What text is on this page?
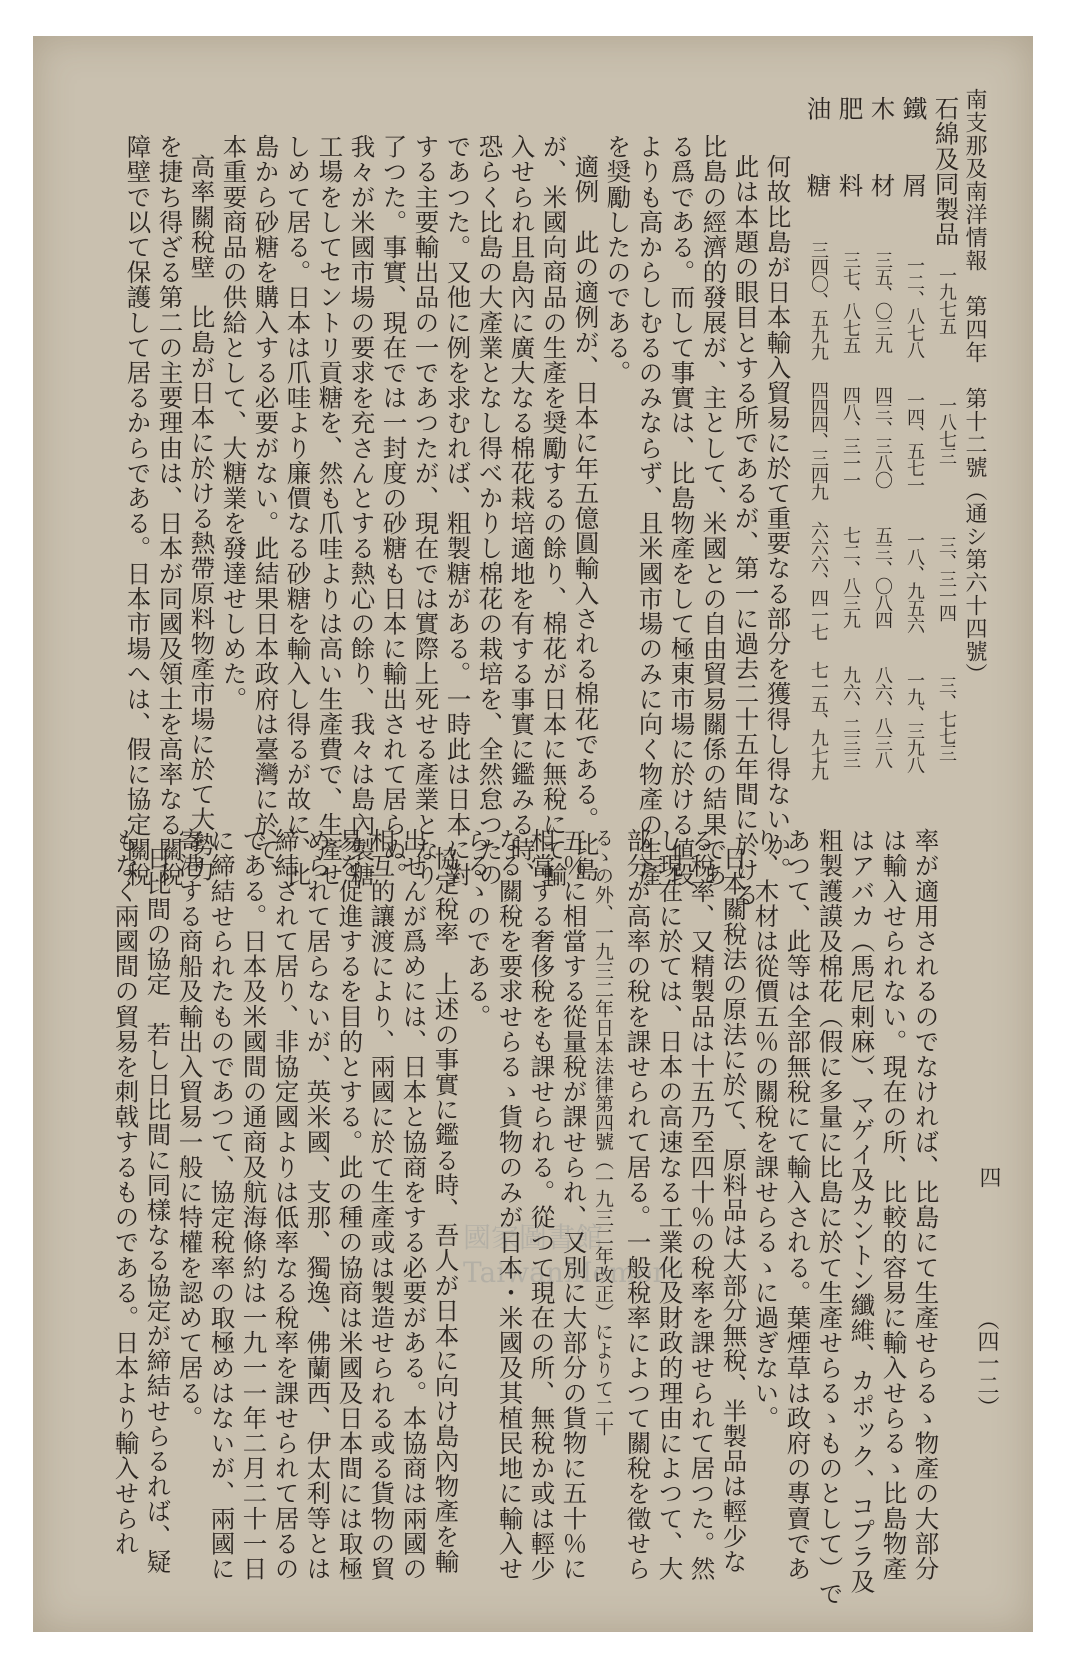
南支那及南洋情報　第四年　第十二號（通シ第六十四號）
四
（四一二）
石綿及同製品
鐵　屑
木　材
肥　料
油　糖
一九七五
一八七三
三、三一四
三、七七三
一二、八七八
一四、五七一
一八、九五六
一九、三九八
三五、〇三九
四三、三八〇
五三、〇八四
八六、八三八
三七、八七五
四八、三一一
七二、八三九
九六、二三三
三四〇、五九九
四四四、三四九
六六六、四一七
七一五、九七九
何故比島が日本輸入貿易に於て重要なる部分を獲得し得ないか。
此は本題の眼目とする所であるが、第一に過去二十五年間に於ける
比島の經濟的發展が、主として、米國との自由貿易關係の結果であ
る爲である。而して事實は、比島物產をして極東市場に於ける値段
よりも高からしむるのみならず、且米國市場のみに向く物產の生產
を奨勵したのである。
適例　此の適例が、日本に年五億圓輸入される棉花である。比島
が、米國向商品の生產を奨勵するの餘り、棉花が日本に無稅にて輸
入せられ且島內に廣大なる棉花栽培適地を有する事實に鑑みる時、
恐らく比島の大產業となし得べかりし棉花の栽培を、全然怠つたの
であつた。又他に例を求むれば、粗製糖がある。一時此は日本に對
する主要輸出品の一であつたが、現在では實際上死せる產業となり
了つた。事實、現在では一封度の砂糖も日本に輸出されて居らぬ。
我々が米國市場の要求を充さんとする熱心の餘り、我々は島內製糖
工場をしてセントリ貢糖を、然も爪哇よりは高い生產費で、生產せ
しめて居る。日本は爪哇より廉價なる砂糖を輸入し得るが故に、比
島から砂糖を購入する必要がない。此結果日本政府は臺灣に於て、
本重要商品の供給として、大糖業を發達せしめた。
高率關稅壁　比島が日本に於ける熱帶原料物產市場に於て大勢力
を捷ち得ざる第二の主要理由は、日本が同國及領土を高率なる關稅
障壁で以て保護して居るからである。日本市場へは、假に協定關稅
率が適用されるのでなければ、比島にて生產せらるゝ物產の大部分
は輸入せられない。現在の所、比較的容易に輸入せらるゝ比島物產
はアバカ（馬尼剌麻）、マゲイ及カントン纖維、カポック、コプラ及
粗製護謨及棉花（假に多量に比島に於て生產せらるゝものとして）で
あつて、此等は全部無稅にて輸入される。葉煙草は政府の專賣であ
り、木材は從價五％の關稅を課せらるゝに過ぎない。
日本關稅法の原法に於て、原料品は大部分無稅、半製品は輕少な
る稅率、又精製品は十五乃至四十％の稅率を課せられて居つた。然
し現在に於ては、日本の高速なる工業化及財政的理由によつて、大
部分が高率の稅を課せられて居る。一般稅率によつて關稅を徵せら
るゝの外、一九三二年日本法律第四號（一九三二年改正）によりて二十
五％に相當する從量稅が課せられ、又別に大部分の貨物に五十％に
相當する奢侈稅をも課せられる。從つて現在の所、無稅か或は輕少
なる關稅を要求せらるゝ貨物のみが日本・米國及其植民地に輸入せ
らるゝのである。
協定稅率　上述の事實に鑑る時、吾人が日本に向け島內物產を輸
出せんが爲めには、日本と協商をする必要がある。本協商は兩國の
相互的讓渡により、兩國に於て生產或は製造せられる或る貨物の貿
易を促進するを目的とする。此の種の協商は米國及日本間には取極
められて居らないが、英米國、支那、獨逸、佛蘭西、伊太利等とは
締結されて居り、非協定國よりは低率なる稅率を課せられて居るの
である。日本及米國間の通商及航海條約は一九一一年二月二十一日
に締結せられたものであつて、協定稅率の取極めはないが、兩國に
寄港する商船及輸出入貿易一般に特權を認めて居る。
日比間の協定　若し日比間に同樣なる協定が締結せらるれば、疑
もなく兩國間の貿易を刺戟するものである。日本より輸入せられ	國家圖書館
TaiwanMemory
